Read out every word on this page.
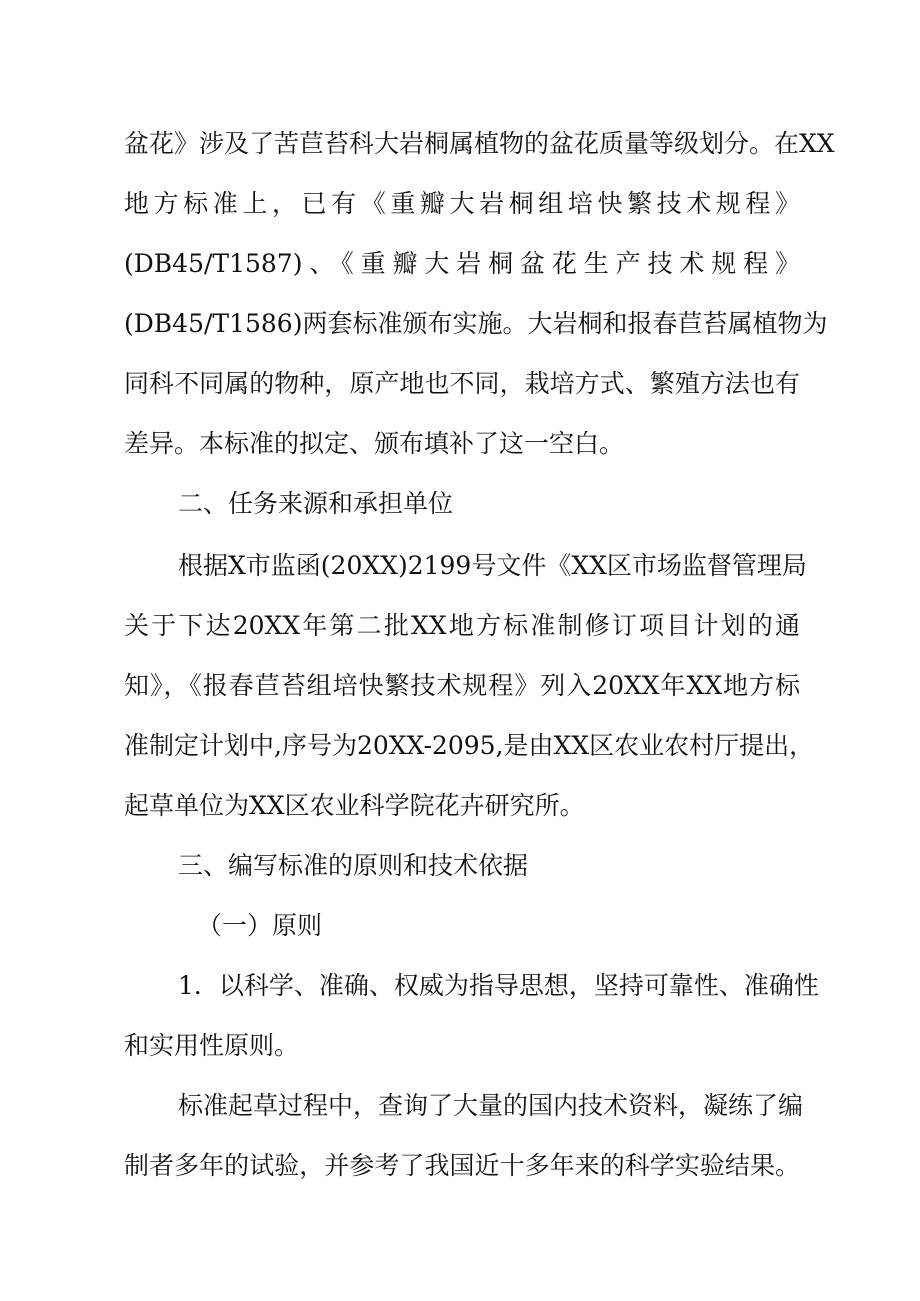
盆花》涉及了苦苣苔科大岩桐属植物的盆花质量等级划分。在XX
地方标准上，已有《重瓣大岩桐组培快繁技术规程》
(DB45/T1587)、《重瓣大岩桐盆花生产技术规程》
(DB45/T1586)两套标准颁布实施。大岩桐和报春苣苔属植物为
同科不同属的物种，原产地也不同，栽培方式、繁殖方法也有
差异。本标准的拟定、颁布填补了这一空白。
二、任务来源和承担单位
根据X市监函(20XX)2199号文件《XX区市场监督管理局
关于下达20XX年第二批XX地方标准制修订项目计划的通
知》，《报春苣苔组培快繁技术规程》列入20XX年XX地方标
准制定计划中,序号为20XX-2095,是由XX区农业农村厅提出，
起草单位为XX区农业科学院花卉研究所。
三、编写标准的原则和技术依据
（一）原则
1．以科学、准确、权威为指导思想，坚持可靠性、准确性
和实用性原则。
标准起草过程中，查询了大量的国内技术资料，凝练了编
制者多年的试验，并参考了我国近十多年来的科学实验结果。
